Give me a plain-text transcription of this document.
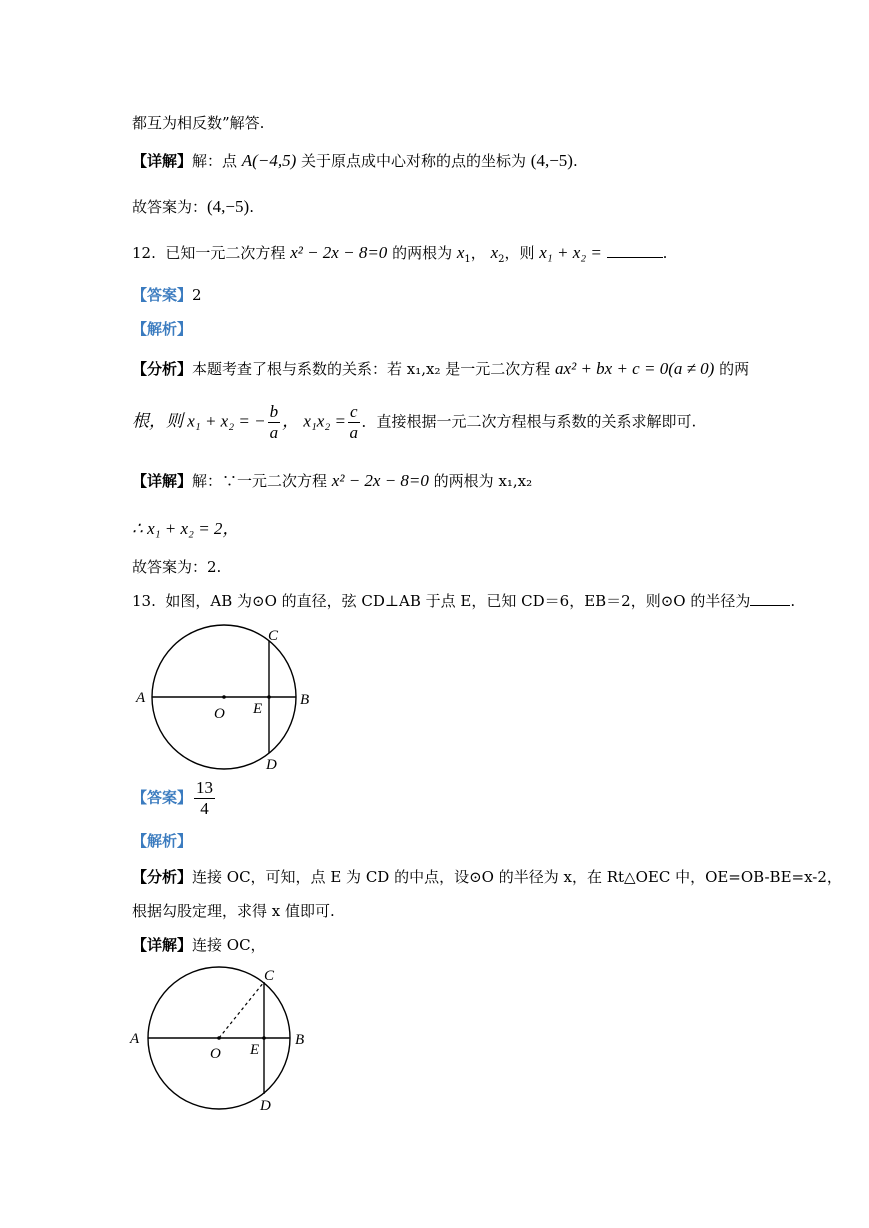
都互为相反数”解答.
【详解】解：点 A(−4,5) 关于原点成中心对称的点的坐标为 (4,−5).
故答案为：(4,−5).
12. 已知一元二次方程 x² − 2x − 8=0 的两根为 $x_1$， $x_2$，则 x₁ + x₂ =	.
【答案】2
【解析】
【分析】本题考查了根与系数的关系：若 x₁,x₂ 是一元二次方程 ax² + bx + c = 0(a ≠ 0) 的两
根，则 x₁ + x₂ = − $\frac{b}{a}$ ， $x_1x_2 = \frac{c}{a}$ ．直接根据一元二次方程根与系数的关系求解即可.
【详解】解：∵一元二次方程 x² − 2x − 8=0 的两根为 x₁,x₂
∴ x₁ + x₂ = 2，
故答案为：2.
13. 如图，AB 为⊙O 的直径，弦 CD⊥AB 于点 E，已知 CD＝6，EB＝2，则⊙O 的半径为	.
A
O E
B
C
D
【答案】 $\frac{13}{4}$
【解析】
【分析】连接 OC，可知，点 E 为 CD 的中点，设⊙O 的半径为 x，在 Rt△OEC 中，OE=OB-BE=x-2，
根据勾股定理，求得 x 值即可.
【详解】连接 OC，
A
O E
B
C
D
